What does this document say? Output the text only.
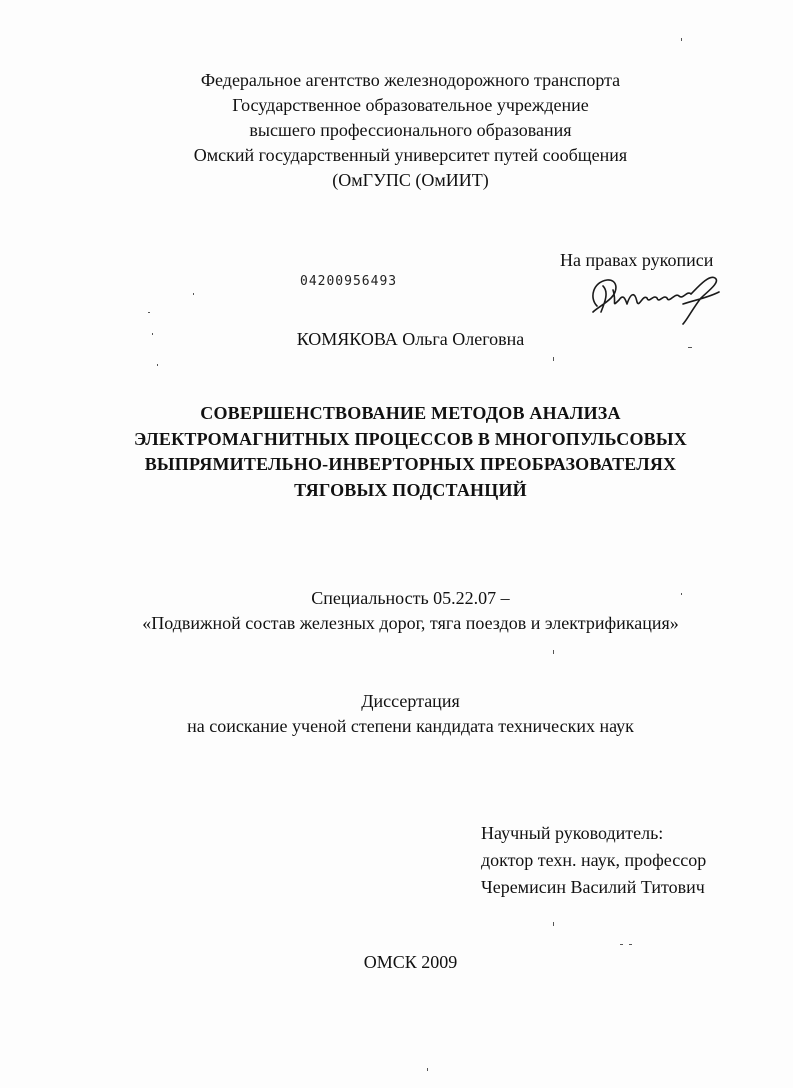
Федеральное агентство железнодорожного транспорта
Государственное образовательное учреждение
высшего профессионального образования
Омский государственный университет путей сообщения
(ОмГУПС (ОмИИТ)
На правах рукописи
04200956493
КОМЯКОВА Ольга Олеговна
СОВЕРШЕНСТВОВАНИЕ МЕТОДОВ АНАЛИЗА
ЭЛЕКТРОМАГНИТНЫХ ПРОЦЕССОВ В МНОГОПУЛЬСОВЫХ
ВЫПРЯМИТЕЛЬНО-ИНВЕРТОРНЫХ ПРЕОБРАЗОВАТЕЛЯХ
ТЯГОВЫХ ПОДСТАНЦИЙ
Специальность 05.22.07 –
«Подвижной состав железных дорог, тяга поездов и электрификация»
Диссертация
на соискание ученой степени кандидата технических наук
Научный руководитель:
доктор техн. наук, профессор
Черемисин Василий Титович
ОМСК 2009
